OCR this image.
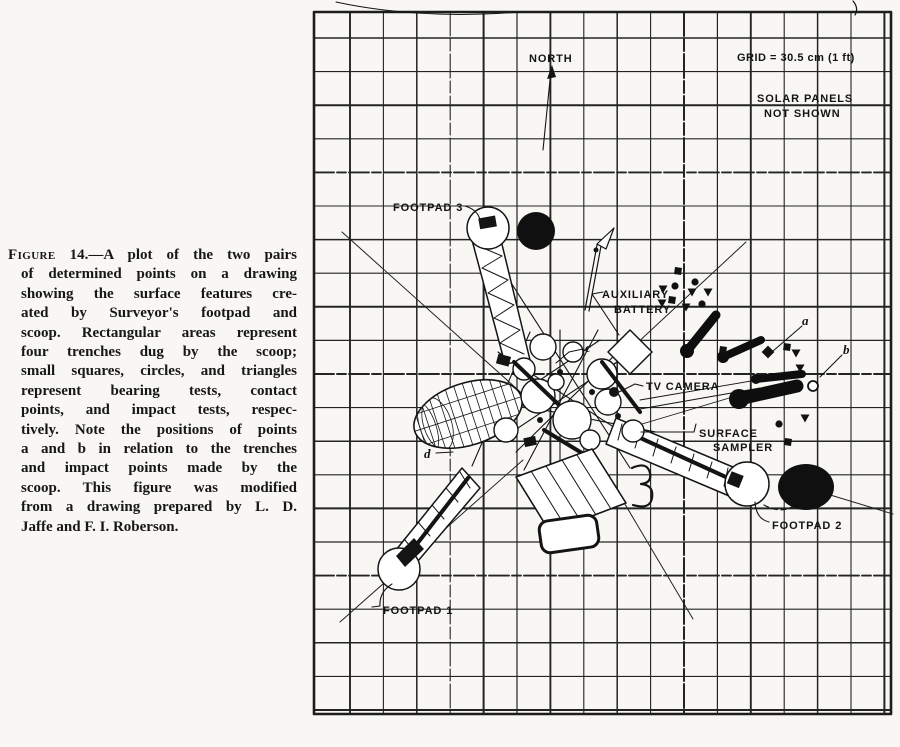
Figure 14.—A plot of the two pairs
of determined points on a drawing
showing the surface features cre-
ated by Surveyor's footpad and
scoop. Rectangular areas represent
four trenches dug by the scoop;
small squares, circles, and triangles
represent bearing tests, contact
points, and impact tests, respec-
tively. Note the positions of points
a and b in relation to the trenches
and impact points made by the
scoop. This figure was modified
from a drawing prepared by L. D.
Jaffe and F. I. Roberson.
NORTH	GRID = 30.5 cm (1 ft)
SOLAR PANELS
NOT SHOWN
FOOTPAD 3
AUXILIARY
BATTERY
TV CAMERA
SURFACE
SAMPLER
FOOTPAD 2
FOOTPAD 1
a
b
c
d
